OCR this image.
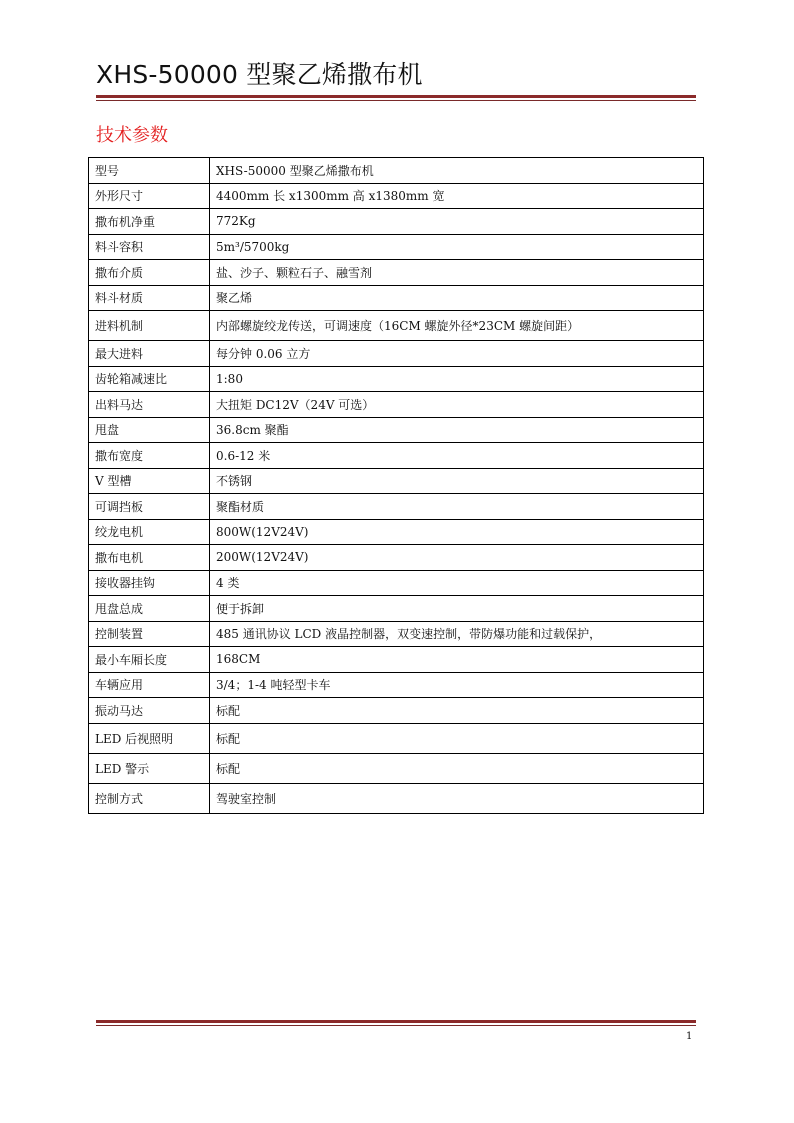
XHS-50000 型聚乙烯撒布机
技术参数
型号	XHS-50000 型聚乙烯撒布机
外形尺寸	4400mm 长 x1300mm 高 x1380mm 宽
撒布机净重	772Kg
料斗容积	5m³/5700kg
撒布介质	盐、沙子、颗粒石子、融雪剂
料斗材质	聚乙烯
进料机制	内部螺旋绞龙传送，可调速度（16CM 螺旋外径*23CM 螺旋间距）
最大进料	每分钟 0.06 立方
齿轮箱减速比	1:80
出料马达	大扭矩 DC12V（24V 可选）
甩盘	36.8cm 聚酯
撒布宽度	0.6-12 米
V 型槽	不锈钢
可调挡板	聚酯材质
绞龙电机	800W(12V24V)
撒布电机	200W(12V24V)
接收器挂钩	4 类
甩盘总成	便于拆卸
控制装置	485 通讯协议 LCD 液晶控制器，双变速控制，带防爆功能和过载保护，
最小车厢长度	168CM
车辆应用	3/4；1-4 吨轻型卡车
振动马达	标配
LED 后视照明	标配
LED 警示	标配
控制方式	驾驶室控制
1
